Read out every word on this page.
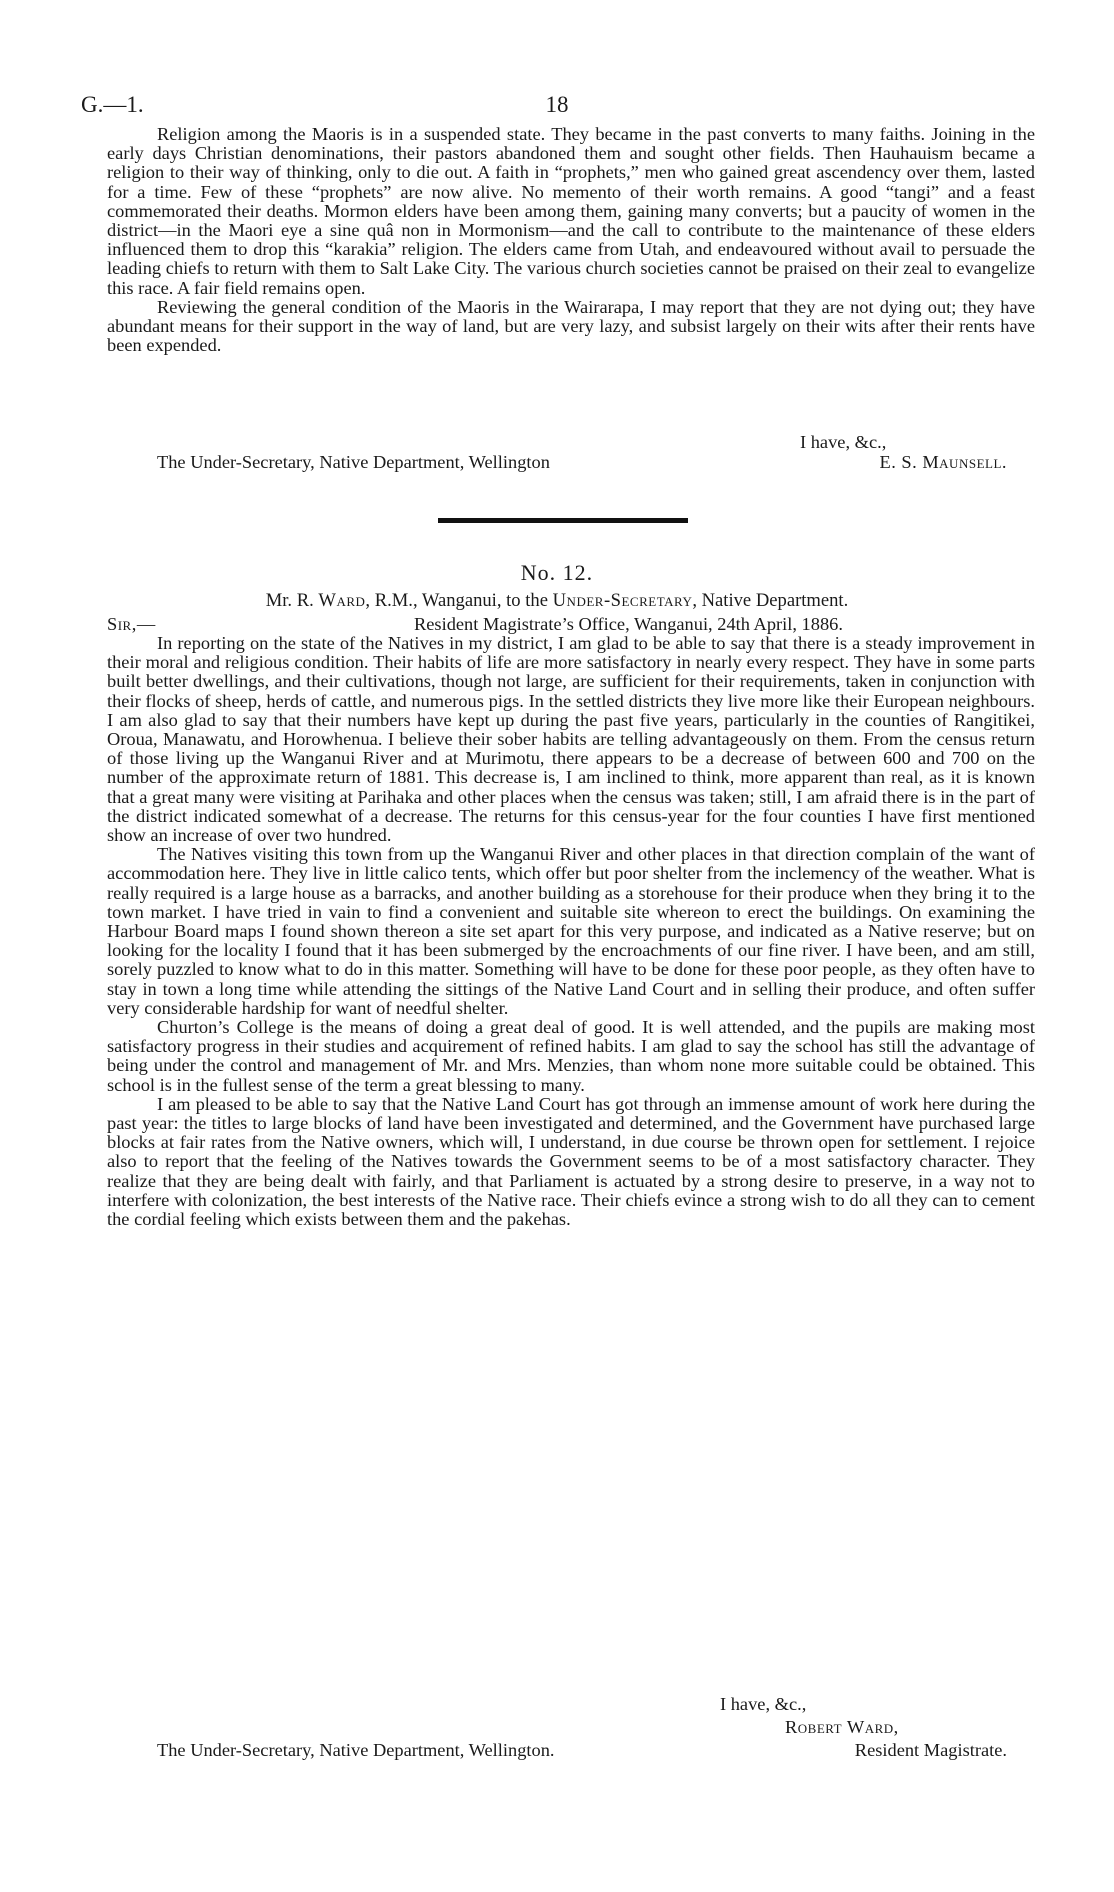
G.—1.	18

Religion among the Maoris is in a suspended state. They became in the past converts to many faiths. Joining in the early days Christian denominations, their pastors abandoned them and sought other fields. Then Hauhauism became a religion to their way of thinking, only to die out. A faith in “prophets,” men who gained great ascendency over them, lasted for a time. Few of these “prophets” are now alive. No memento of their worth remains. A good “tangi” and a feast commemorated their deaths. Mormon elders have been among them, gaining many converts; but a paucity of women in the district—in the Maori eye a sine quâ non in Mormonism—and the call to contribute to the maintenance of these elders influenced them to drop this “karakia” religion. The elders came from Utah, and endeavoured without avail to persuade the leading chiefs to return with them to Salt Lake City. The various church societies cannot be praised on their zeal to evangelize this race. A fair field remains open.

Reviewing the general condition of the Maoris in the Wairarapa, I may report that they are not dying out; they have abundant means for their support in the way of land, but are very lazy, and subsist largely on their wits after their rents have been expended.

I have, &c.,
The Under-Secretary, Native Department, Wellington	E. S. Maunsell.
No. 12.
Mr. R. Ward, R.M., Wanganui, to the Under-Secretary, Native Department.
Sir,—	Resident Magistrate’s Office, Wanganui, 24th April, 1886.

In reporting on the state of the Natives in my district, I am glad to be able to say that there is a steady improvement in their moral and religious condition. Their habits of life are more satisfactory in nearly every respect. They have in some parts built better dwellings, and their cultivations, though not large, are sufficient for their requirements, taken in conjunction with their flocks of sheep, herds of cattle, and numerous pigs. In the settled districts they live more like their European neighbours. I am also glad to say that their numbers have kept up during the past five years, particularly in the counties of Rangitikei, Oroua, Manawatu, and Horowhenua. I believe their sober habits are telling advantageously on them. From the census return of those living up the Wanganui River and at Murimotu, there appears to be a decrease of between 600 and 700 on the number of the approximate return of 1881. This decrease is, I am inclined to think, more apparent than real, as it is known that a great many were visiting at Parihaka and other places when the census was taken; still, I am afraid there is in the part of the district indicated somewhat of a decrease. The returns for this census-year for the four counties I have first mentioned show an increase of over two hundred.

The Natives visiting this town from up the Wanganui River and other places in that direction complain of the want of accommodation here. They live in little calico tents, which offer but poor shelter from the inclemency of the weather. What is really required is a large house as a barracks, and another building as a storehouse for their produce when they bring it to the town market. I have tried in vain to find a convenient and suitable site whereon to erect the buildings. On examining the Harbour Board maps I found shown thereon a site set apart for this very purpose, and indicated as a Native reserve; but on looking for the locality I found that it has been submerged by the encroachments of our fine river. I have been, and am still, sorely puzzled to know what to do in this matter. Something will have to be done for these poor people, as they often have to stay in town a long time while attending the sittings of the Native Land Court and in selling their produce, and often suffer very considerable hardship for want of needful shelter.

Churton’s College is the means of doing a great deal of good. It is well attended, and the pupils are making most satisfactory progress in their studies and acquirement of refined habits. I am glad to say the school has still the advantage of being under the control and management of Mr. and Mrs. Menzies, than whom none more suitable could be obtained. This school is in the fullest sense of the term a great blessing to many.

I am pleased to be able to say that the Native Land Court has got through an immense amount of work here during the past year: the titles to large blocks of land have been investigated and determined, and the Government have purchased large blocks at fair rates from the Native owners, which will, I understand, in due course be thrown open for settlement. I rejoice also to report that the feeling of the Natives towards the Government seems to be of a most satisfactory character. They realize that they are being dealt with fairly, and that Parliament is actuated by a strong desire to preserve, in a way not to interfere with colonization, the best interests of the Native race. Their chiefs evince a strong wish to do all they can to cement the cordial feeling which exists between them and the pakehas.

I have, &c.,
Robert Ward,
The Under-Secretary, Native Department, Wellington.	Resident Magistrate.
